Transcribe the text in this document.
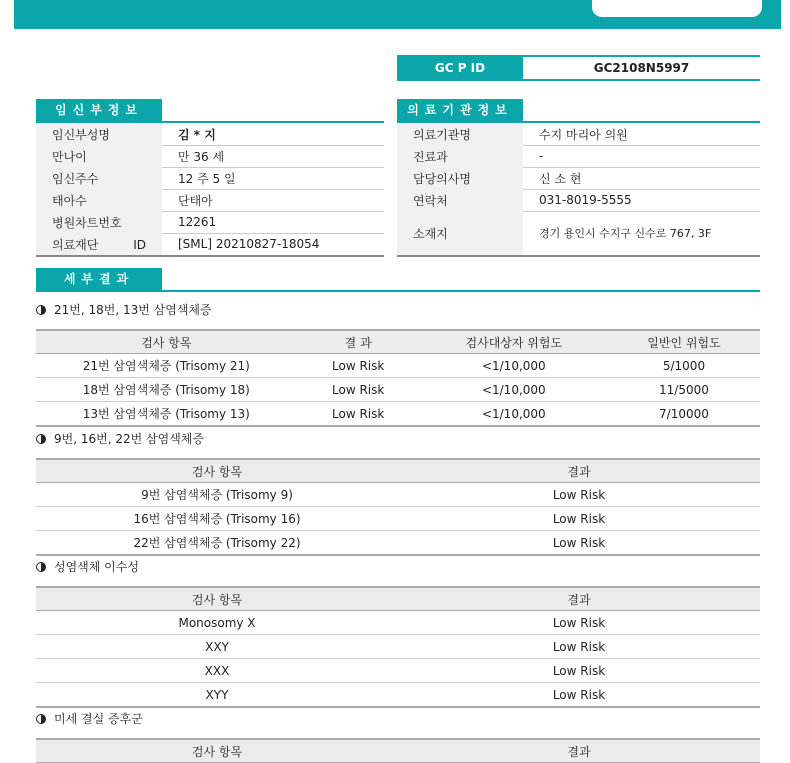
GC P ID	GC2108N5997
임신부정보
임신부성명	김 * 지
만나이	만 36 세
임신주수	12 주 5 일
태아수	단태아
병원차트번호	12261
의료재단 ID	[SML] 20210827-18054
의료기관정보
의료기관명	수지 마리아 의원
진료과	-
담당의사명	신 소 현
연락처	031-8019-5555
소재지	경기 용인시 수지구 신수로 767, 3F
세부결과
21번, 18번, 13번 삼염색체증
검사 항목	결 과	검사대상자 위험도	일반인 위험도
21번 삼염색체증 (Trisomy 21)	Low Risk	<1/10,000	5/1000
18번 삼염색체증 (Trisomy 18)	Low Risk	<1/10,000	11/5000
13번 삼염색체증 (Trisomy 13)	Low Risk	<1/10,000	7/10000
9번, 16번, 22번 삼염색체증
검사 항목	결과
9번 삼염색체증 (Trisomy 9)	Low Risk
16번 삼염색체증 (Trisomy 16)	Low Risk
22번 삼염색체증 (Trisomy 22)	Low Risk
성염색체 이수성
검사 항목	결과
Monosomy X	Low Risk
XXY	Low Risk
XXX	Low Risk
XYY	Low Risk
미세 결실 증후군
검사 항목	결과
